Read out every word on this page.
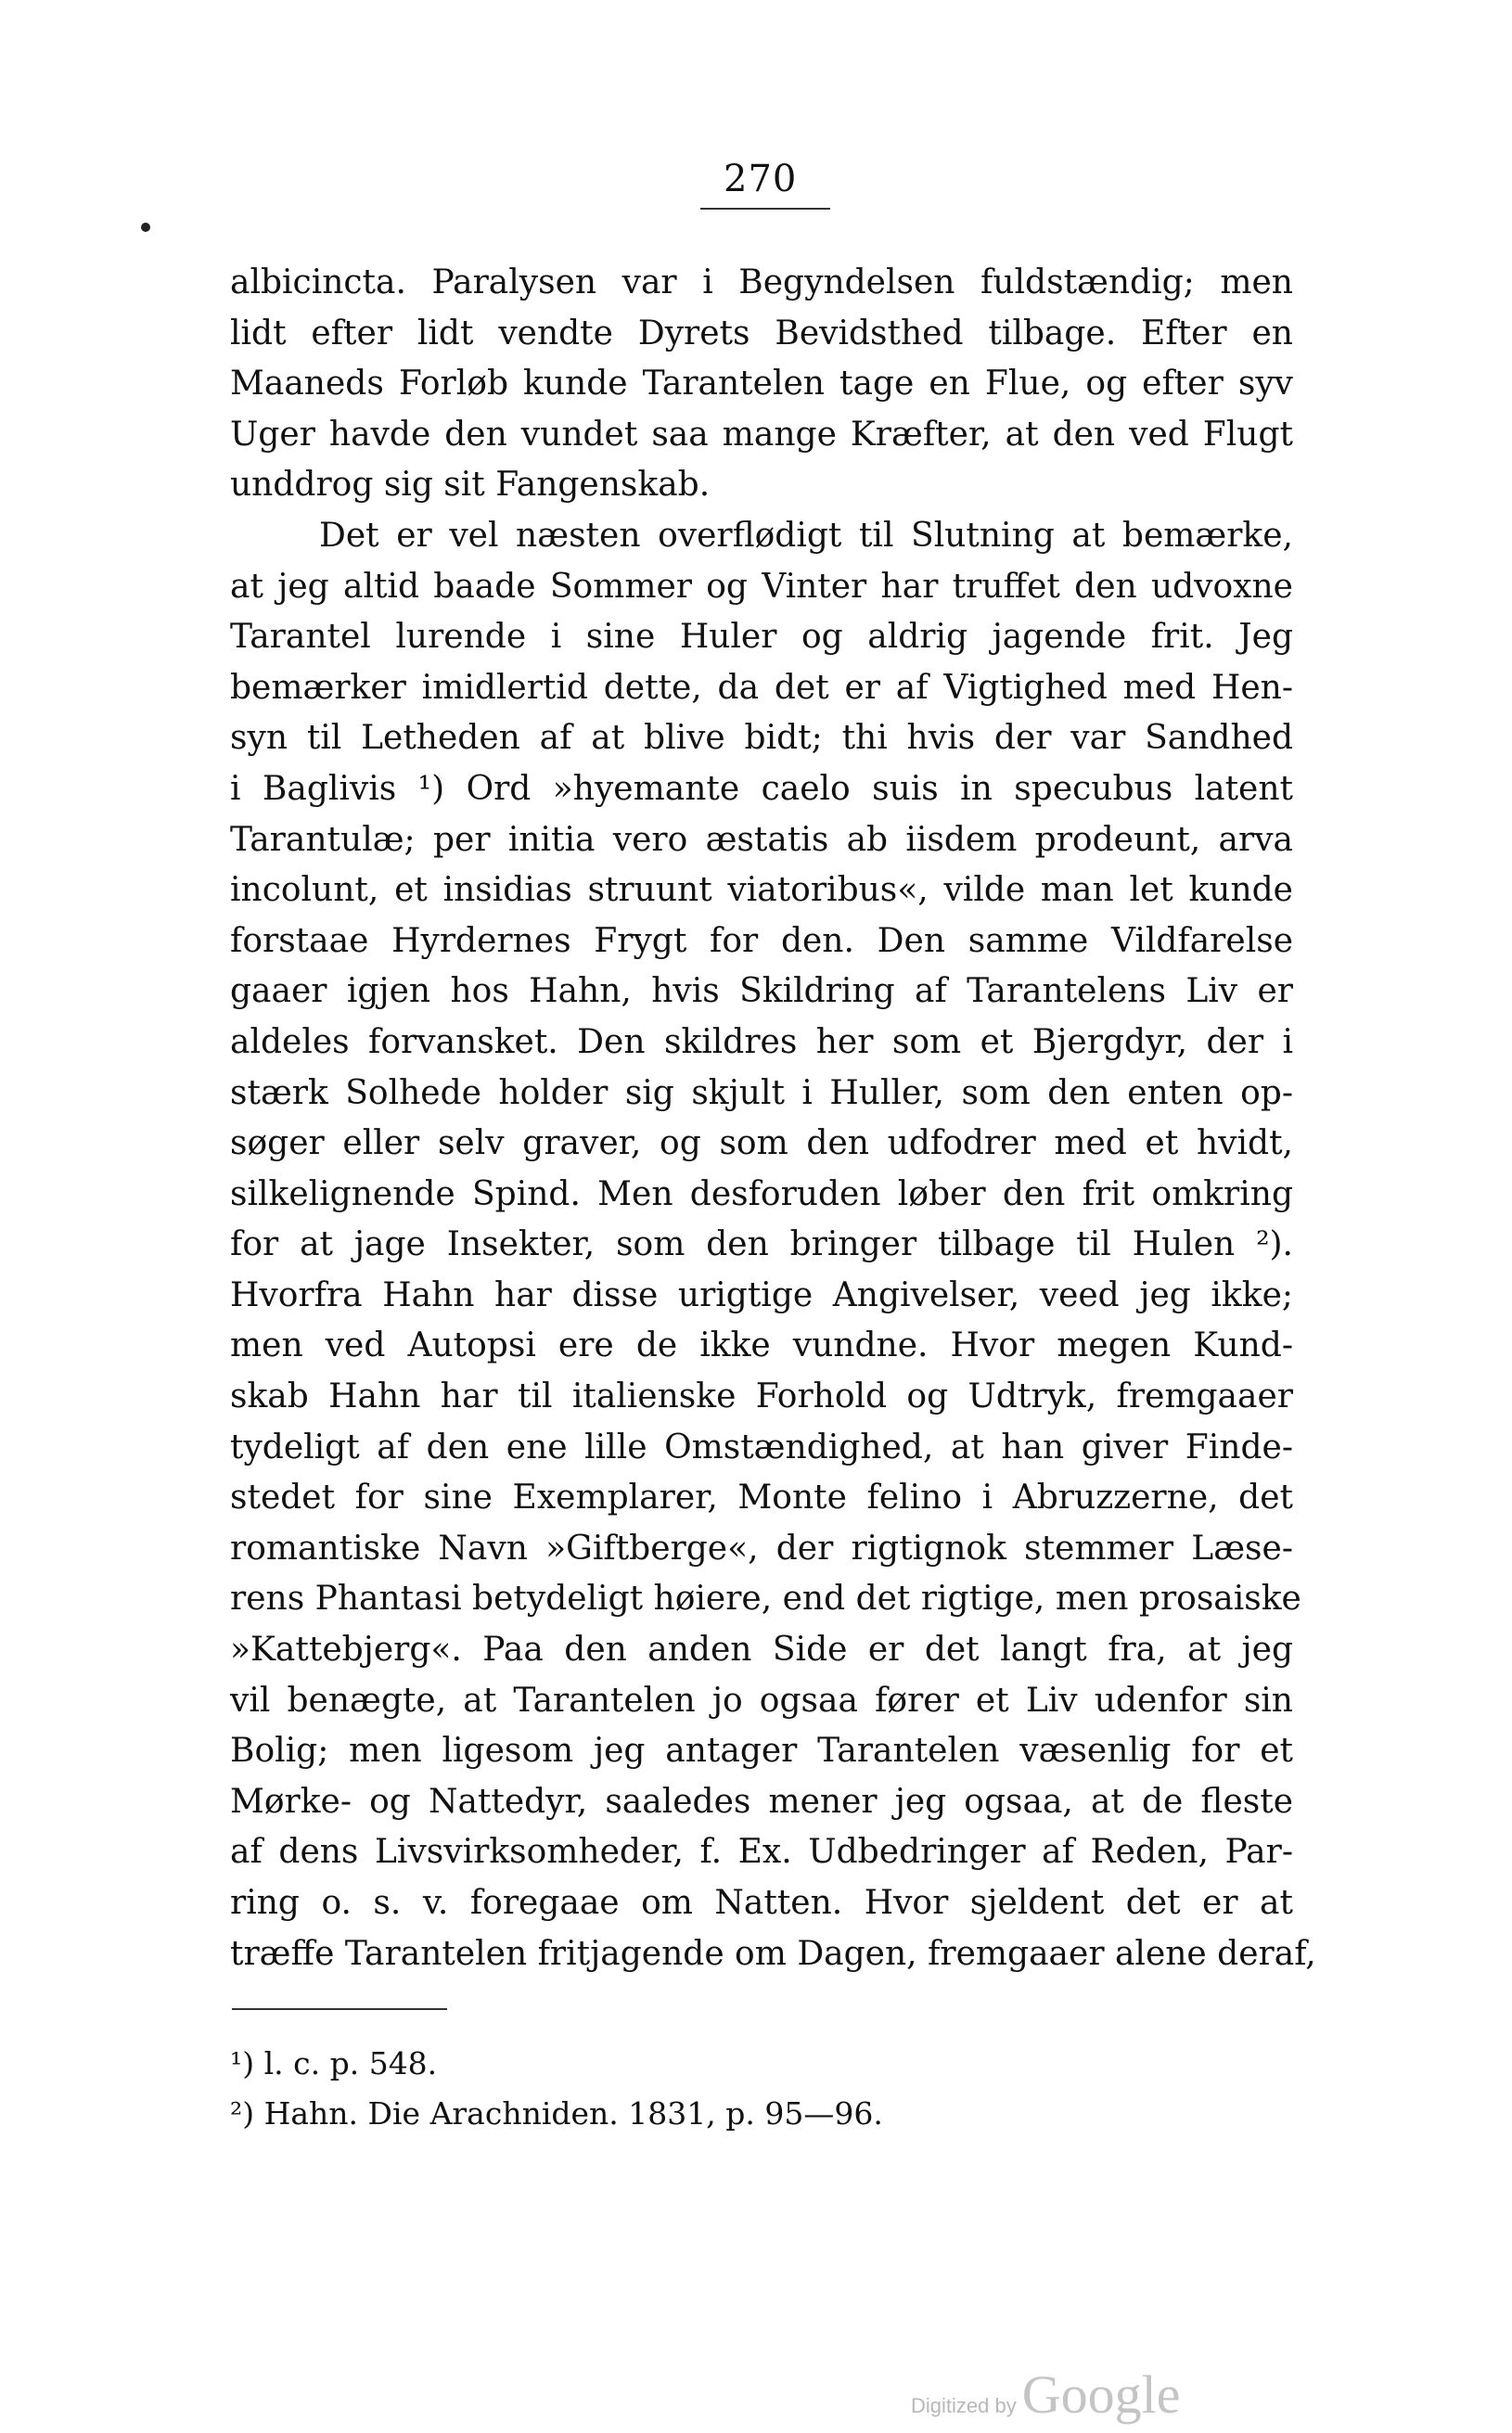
270
albicincta. Paralysen var i Begyndelsen fuldstændig; men
lidt efter lidt vendte Dyrets Bevidsthed tilbage. Efter en
Maaneds Forløb kunde Tarantelen tage en Flue, og efter syv
Uger havde den vundet saa mange Kræfter, at den ved Flugt
unddrog sig sit Fangenskab.
Det er vel næsten overflødigt til Slutning at bemærke,
at jeg altid baade Sommer og Vinter har truffet den udvoxne
Tarantel lurende i sine Huler og aldrig jagende frit. Jeg
bemærker imidlertid dette, da det er af Vigtighed med Hen-
syn til Letheden af at blive bidt; thi hvis der var Sandhed
i Baglivis ¹) Ord »hyemante caelo suis in specubus latent
Tarantulæ; per initia vero æstatis ab iisdem prodeunt, arva
incolunt, et insidias struunt viatoribus«, vilde man let kunde
forstaae Hyrdernes Frygt for den. Den samme Vildfarelse
gaaer igjen hos Hahn, hvis Skildring af Tarantelens Liv er
aldeles forvansket. Den skildres her som et Bjergdyr, der i
stærk Solhede holder sig skjult i Huller, som den enten op-
søger eller selv graver, og som den udfodrer med et hvidt,
silkelignende Spind. Men desforuden løber den frit omkring
for at jage Insekter, som den bringer tilbage til Hulen ²).
Hvorfra Hahn har disse urigtige Angivelser, veed jeg ikke;
men ved Autopsi ere de ikke vundne. Hvor megen Kund-
skab Hahn har til italienske Forhold og Udtryk, fremgaaer
tydeligt af den ene lille Omstændighed, at han giver Finde-
stedet for sine Exemplarer, Monte felino i Abruzzerne, det
romantiske Navn »Giftberge«, der rigtignok stemmer Læse-
rens Phantasi betydeligt høiere, end det rigtige, men prosaiske
»Kattebjerg«. Paa den anden Side er det langt fra, at jeg
vil benægte, at Tarantelen jo ogsaa fører et Liv udenfor sin
Bolig; men ligesom jeg antager Tarantelen væsenlig for et
Mørke- og Nattedyr, saaledes mener jeg ogsaa, at de fleste
af dens Livsvirksomheder, f. Ex. Udbedringer af Reden, Par-
ring o. s. v. foregaae om Natten. Hvor sjeldent det er at
træffe Tarantelen fritjagende om Dagen, fremgaaer alene deraf,
¹) l. c. p. 548.
²) Hahn. Die Arachniden. 1831, p. 95—96.
Digitized by Google
